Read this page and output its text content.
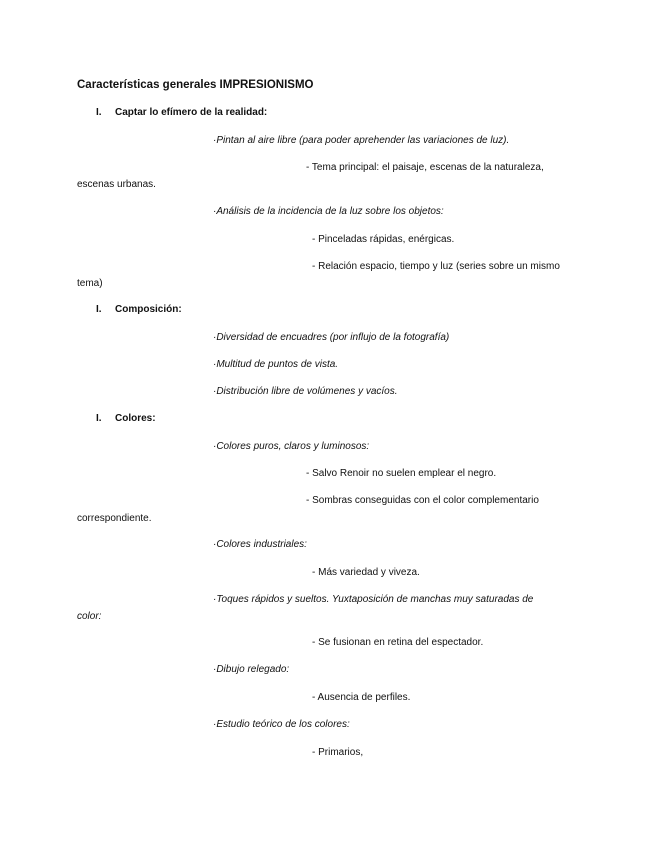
Características generales IMPRESIONISMO
I. Captar lo efímero de la realidad:
·Pintan al aire libre (para poder aprehender las variaciones de luz).
- Tema principal: el paisaje, escenas de la naturaleza,
escenas urbanas.
·Análisis de la incidencia de la luz sobre los objetos:
- Pinceladas rápidas, enérgicas.
- Relación espacio, tiempo y luz (series sobre un mismo
tema)
I. Composición:
·Diversidad de encuadres (por influjo de la fotografía)
·Multitud de puntos de vista.
·Distribución libre de volúmenes y vacíos.
I. Colores:
·Colores puros, claros y luminosos:
- Salvo Renoir no suelen emplear el negro.
- Sombras conseguidas con el color complementario
correspondiente.
·Colores industriales:
- Más variedad y viveza.
·Toques rápidos y sueltos. Yuxtaposición de manchas muy saturadas de
color:
- Se fusionan en retina del espectador.
·Dibujo relegado:
- Ausencia de perfiles.
·Estudio teórico de los colores:
- Primarios,
